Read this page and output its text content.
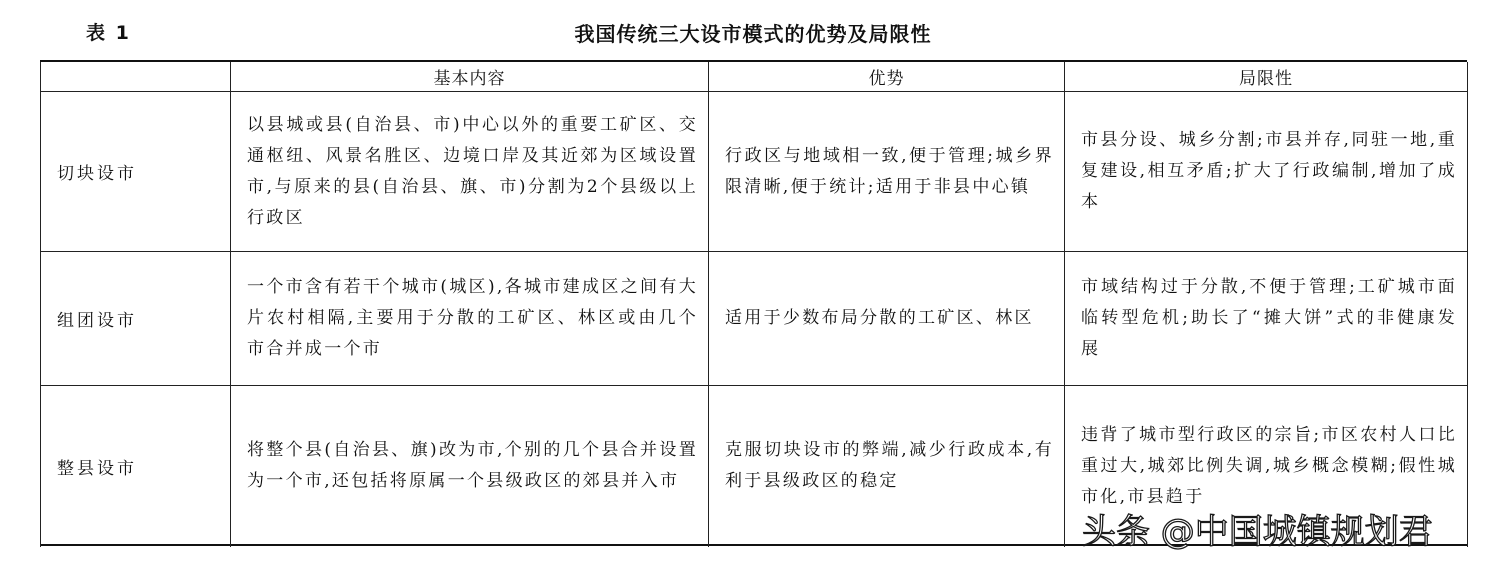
表 1	我国传统三大设市模式的优势及局限性
	基本内容	优势	局限性
切块设市	以县城或县(自治县、市)中心以外的重要工矿区、交通枢纽、风景名胜区、边境口岸及其近郊为区域设置市,与原来的县(自治县、旗、市)分割为2个县级以上行政区	行政区与地域相一致,便于管理;城乡界限清晰,便于统计;适用于非县中心镇	市县分设、城乡分割;市县并存,同驻一地,重复建设,相互矛盾;扩大了行政编制,增加了成本
组团设市	一个市含有若干个城市(城区),各城市建成区之间有大片农村相隔,主要用于分散的工矿区、林区或由几个市合并成一个市	适用于少数布局分散的工矿区、林区	市域结构过于分散,不便于管理;工矿城市面临转型危机;助长了“摊大饼”式的非健康发展
整县设市	将整个县(自治县、旗)改为市,个别的几个县合并设置为一个市,还包括将原属一个县级政区的郊县并入市	克服切块设市的弊端,减少行政成本,有利于县级政区的稳定	违背了城市型行政区的宗旨;市区农村人口比重过大,城郊比例失调,城乡概念模糊;假性城市化,市县趋于
头条 @中国城镇规划君
